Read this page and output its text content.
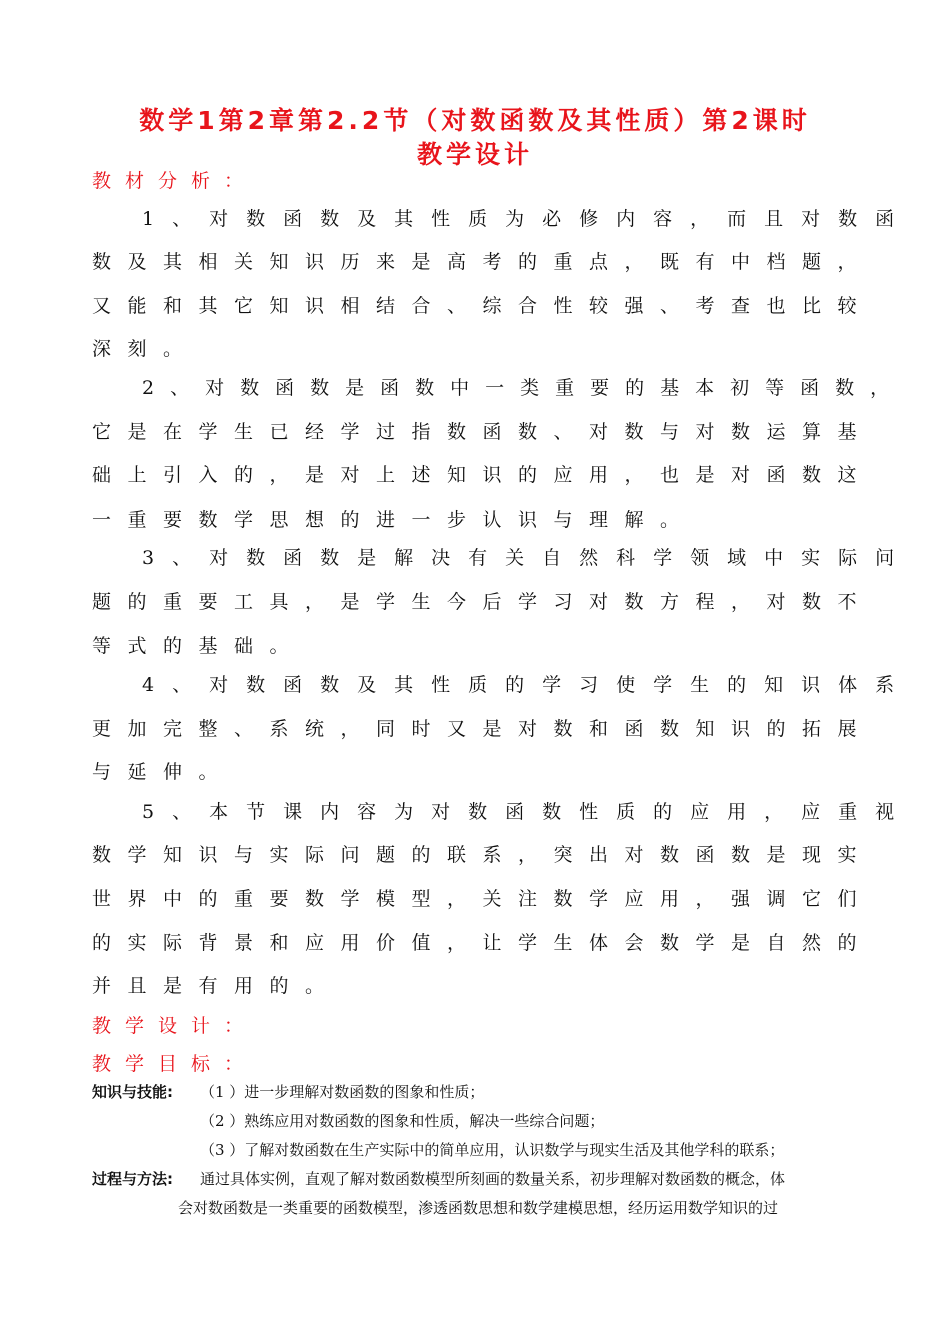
数学1第2章第2.2节（对数函数及其性质）第2课时
教学设计
教材分析：
1、对数函数及其性质为必修内容，而且对数函
数及其相关知识历来是高考的重点，既有中档题，
又能和其它知识相结合、综合性较强、考查也比较
深刻。
2、对数函数是函数中一类重要的基本初等函数，
它是在学生已经学过指数函数、对数与对数运算基
础上引入的，是对上述知识的应用，也是对函数这
一重要数学思想的进一步认识与理解。
3、对数函数是解决有关自然科学领域中实际问
题的重要工具，是学生今后学习对数方程，对数不
等式的基础。
4、对数函数及其性质的学习使学生的知识体系
更加完整、系统，同时又是对数和函数知识的拓展
与延伸。
5、本节课内容为对数函数性质的应用，应重视
数学知识与实际问题的联系，突出对数函数是现实
世界中的重要数学模型，关注数学应用，强调它们
的实际背景和应用价值，让学生体会数学是自然的
并且是有用的。
教学设计：
教学目标：
知识与技能: （1 ）进一步理解对数函数的图象和性质；
（2 ）熟练应用对数函数的图象和性质，解决一些综合问题；
（3 ）了解对数函数在生产实际中的简单应用，认识数学与现实生活及其他学科的联系；
过程与方法: 通过具体实例，直观了解对数函数模型所刻画的数量关系，初步理解对数函数的概念，体
会对数函数是一类重要的函数模型，渗透函数思想和数学建模思想，经历运用数学知识的过
